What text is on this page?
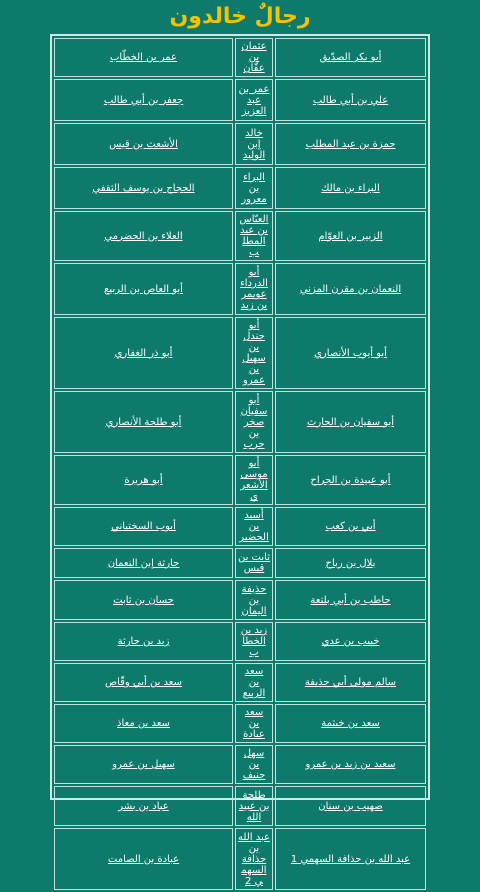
رجالٌ خالدون
أبو بكر الصدّيق	عثمان بن عفّان	عمر بن الخطّاب
علي بن أبي طالب	عمر بن عبد العزيز	جعفر بن أبي طالب
حمزة بن عبد المطلب	خالد إبن الوليد	الأشعث بن قيس
البراء بن مالك	البراء بن معرور	الحجاج بن يوسف الثقفي
الزبير بن العوّام	العبّاس بن عبد المطلب	العلاء بن الحضرمي
النعمان بن مقرن المزني	أبو الدرداء عويمر بن زيد	أبو العاص بن الربيع
أبو أيوب الأنصاري	أبو جندل بن سهيل بن عمرو	أبو ذر الغفاري
أبو سفيان بن الحارث	أبو سفيان صخر بن حرب	أبو طلحة الأنصاري
أبو عبيدة بن الجراح	أبو موسى الأشعري	أبو هريرة
أبي بن كعب	أسيد بن الحضير	أيوب السختياني
بلال بن رباح	ثابت بن قيس	حارثة إبن النعمان
حاطب بن أبي بلتعة	حذيفة بن اليمان	حسان بن ثابت
خبيب بن عدي	زيد بن الخطاب	زيد بن حارثة
سالم مولى أبي حذيفة	سعد بن الربيع	سعد بن أبي وقّاص
سعد بن خيثمة	سعد بن عبادة	سعد بن معاذ
سعيد بن زيد بن عمرو	سهل بن حنيف	سهيل بن عمرو
صهيب بن سنان	طلحة بن عبيد الله	عباد بن بشر
عبد الله بن حذافة السهمي 1	عبد الله بن حذافة السهمي 2	عبادة بن الصامت
